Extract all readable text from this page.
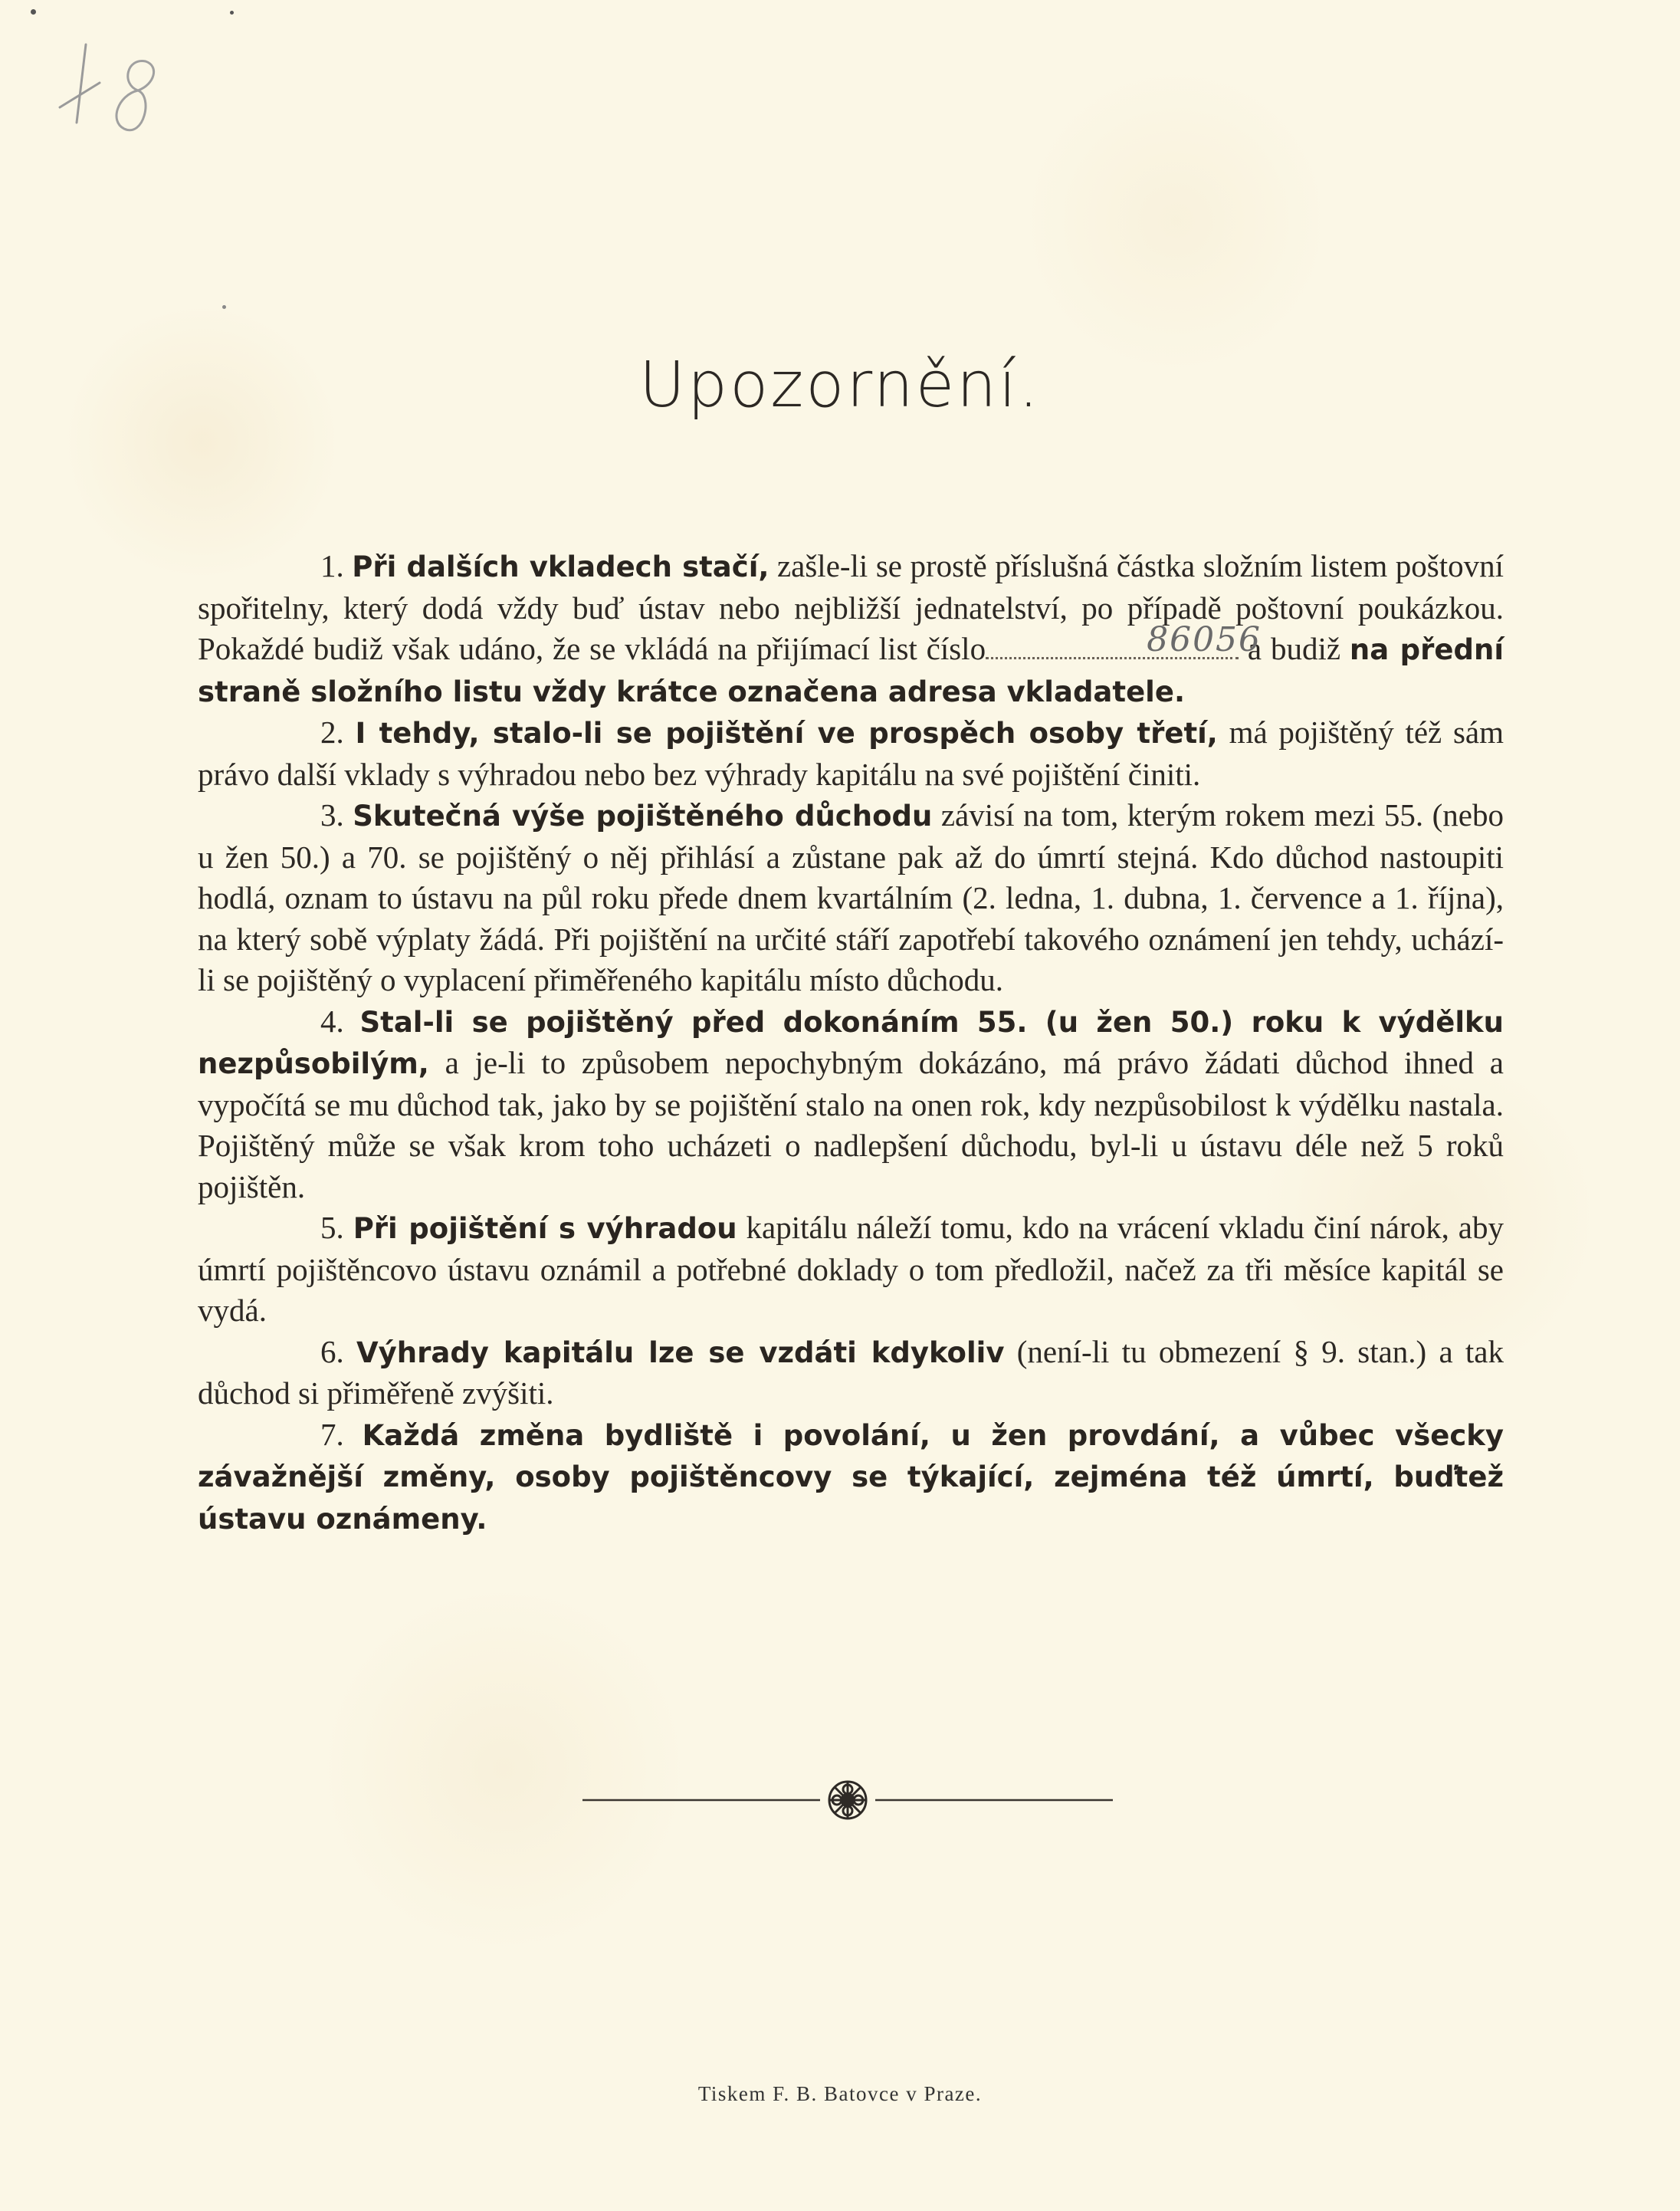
48
Upozornění.

1. Při dalších vkladech stačí, zašle-li se prostě příslušná částka složním listem poštovní spořitelny, který dodá vždy buď ústav nebo nejbližší jednatelství, po případě poštovní poukázkou. Pokaždé budiž však udáno, že se vkládá na přijímací list číslo	86056
a budiž na přední straně složního listu vždy krátce označena adresa vkladatele.

2. I tehdy, stalo-li se pojištění ve prospěch osoby třetí, má pojištěný též sám právo další vklady s výhradou nebo bez výhrady kapitálu na své pojištění činiti.

3. Skutečná výše pojištěného důchodu závisí na tom, kterým rokem mezi 55. (nebo u žen 50.) a 70. se pojištěný o něj přihlásí a zůstane pak až do úmrtí stejná. Kdo důchod nastoupiti hodlá, oznam to ústavu na půl roku přede dnem kvartálním (2. ledna, 1. dubna, 1. července a 1. října), na který sobě výplaty žádá. Při pojištění na určité stáří zapotřebí takového oznámení jen tehdy, uchází-li se pojištěný o vyplacení přiměřeného kapitálu místo důchodu.

4. Stal-li se pojištěný před dokonáním 55. (u žen 50.) roku k výdělku nezpůsobilým, a je-li to způsobem nepochybným dokázáno, má právo žádati důchod ihned a vypočítá se mu důchod tak, jako by se pojištění stalo na onen rok, kdy nezpůsobilost k výdělku nastala. Pojištěný může se však krom toho ucházeti o nadlepšení důchodu, byl-li u ústavu déle než 5 roků pojištěn.

5. Při pojištění s výhradou kapitálu náleží tomu, kdo na vrácení vkladu činí nárok, aby úmrtí pojištěncovo ústavu oznámil a potřebné doklady o tom předložil, načež za tři měsíce kapitál se vydá.

6. Výhrady kapitálu lze se vzdáti kdykoliv (není-li tu obmezení § 9. stan.) a tak důchod si přiměřeně zvýšiti.

7. Každá změna bydliště i povolání, u žen provdání, a vůbec všecky závažnější změny, osoby pojištěncovy se týkající, zejména též úmrtí, buďtež ústavu oznámeny.

Tiskem F. B. Batovce v Praze.
